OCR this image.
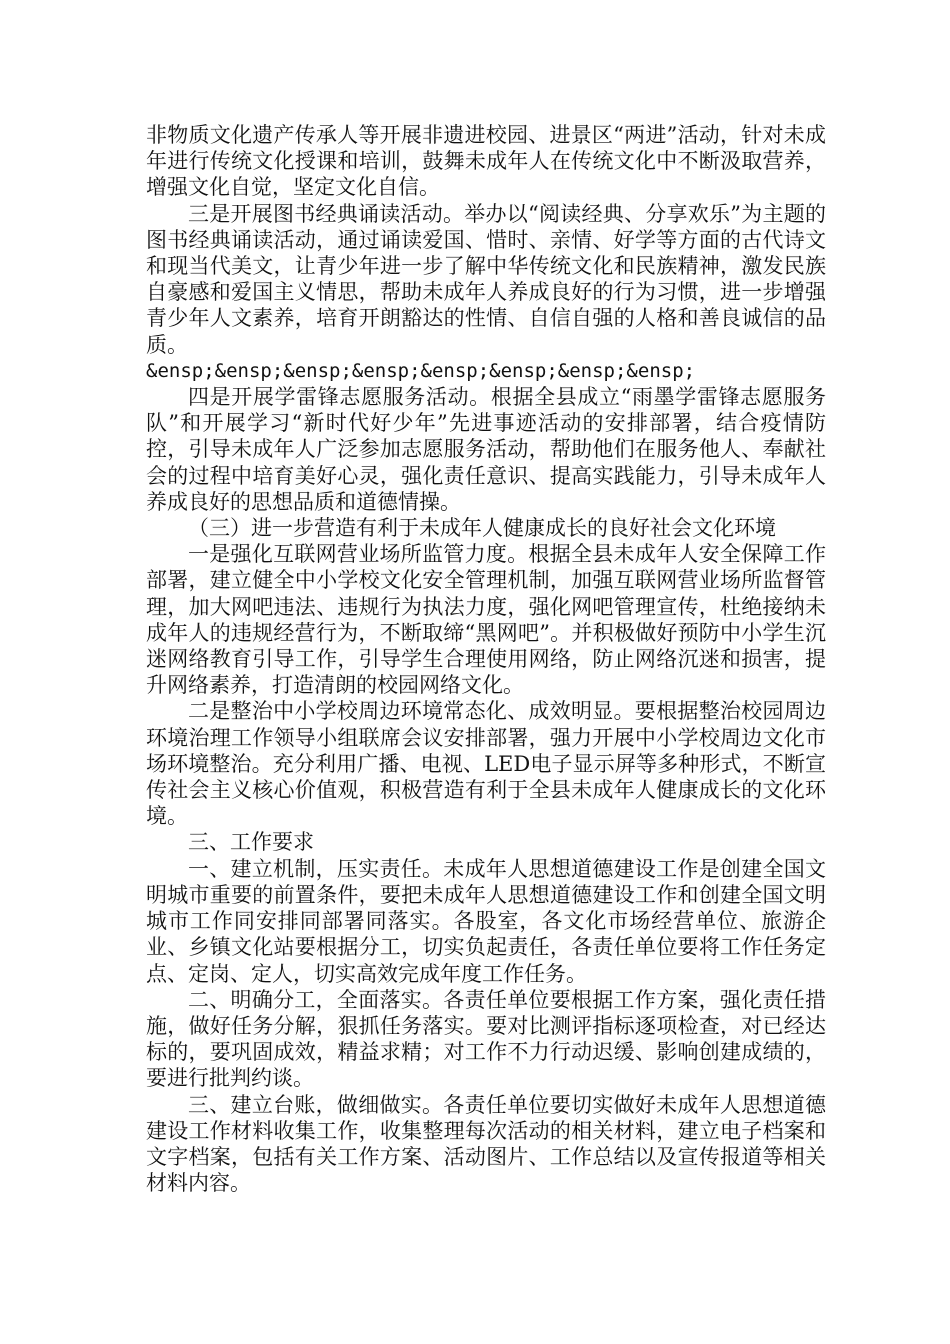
非物质文化遗产传承人等开展非遗进校园、进景区“两进”活动，针对未成年进行传统文化授课和培训，鼓舞未成年人在传统文化中不断汲取营养，增强文化自觉，坚定文化自信。

三是开展图书经典诵读活动。举办以“阅读经典、分享欢乐”为主题的图书经典诵读活动，通过诵读爱国、惜时、亲情、好学等方面的古代诗文和现当代美文，让青少年进一步了解中华传统文化和民族精神，激发民族自豪感和爱国主义情思，帮助未成年人养成良好的行为习惯，进一步增强青少年人文素养，培育开朗豁达的性情、自信自强的人格和善良诚信的品质。

&ensp;&ensp;&ensp;&ensp;&ensp;&ensp;&ensp;&ensp;

四是开展学雷锋志愿服务活动。根据全县成立“雨墨学雷锋志愿服务队”和开展学习“新时代好少年”先进事迹活动的安排部署，结合疫情防控，引导未成年人广泛参加志愿服务活动，帮助他们在服务他人、奉献社会的过程中培育美好心灵，强化责任意识、提高实践能力，引导未成年人养成良好的思想品质和道德情操。

（三）进一步营造有利于未成年人健康成长的良好社会文化环境

一是强化互联网营业场所监管力度。根据全县未成年人安全保障工作部署，建立健全中小学校文化安全管理机制，加强互联网营业场所监督管理，加大网吧违法、违规行为执法力度，强化网吧管理宣传，杜绝接纳未成年人的违规经营行为，不断取缔“黑网吧”。并积极做好预防中小学生沉迷网络教育引导工作，引导学生合理使用网络，防止网络沉迷和损害，提升网络素养，打造清朗的校园网络文化。

二是整治中小学校周边环境常态化、成效明显。要根据整治校园周边环境治理工作领导小组联席会议安排部署，强力开展中小学校周边文化市场环境整治。充分利用广播、电视、LED电子显示屏等多种形式，不断宣传社会主义核心价值观，积极营造有利于全县未成年人健康成长的文化环境。

三、工作要求

一、建立机制，压实责任。未成年人思想道德建设工作是创建全国文明城市重要的前置条件，要把未成年人思想道德建设工作和创建全国文明城市工作同安排同部署同落实。各股室，各文化市场经营单位、旅游企业、乡镇文化站要根据分工，切实负起责任，各责任单位要将工作任务定点、定岗、定人，切实高效完成年度工作任务。

二、明确分工，全面落实。各责任单位要根据工作方案，强化责任措施，做好任务分解，狠抓任务落实。要对比测评指标逐项检查，对已经达标的，要巩固成效，精益求精；对工作不力行动迟缓、影响创建成绩的，要进行批判约谈。

三、建立台账，做细做实。各责任单位要切实做好未成年人思想道德建设工作材料收集工作，收集整理每次活动的相关材料，建立电子档案和文字档案，包括有关工作方案、活动图片、工作总结以及宣传报道等相关材料内容。
